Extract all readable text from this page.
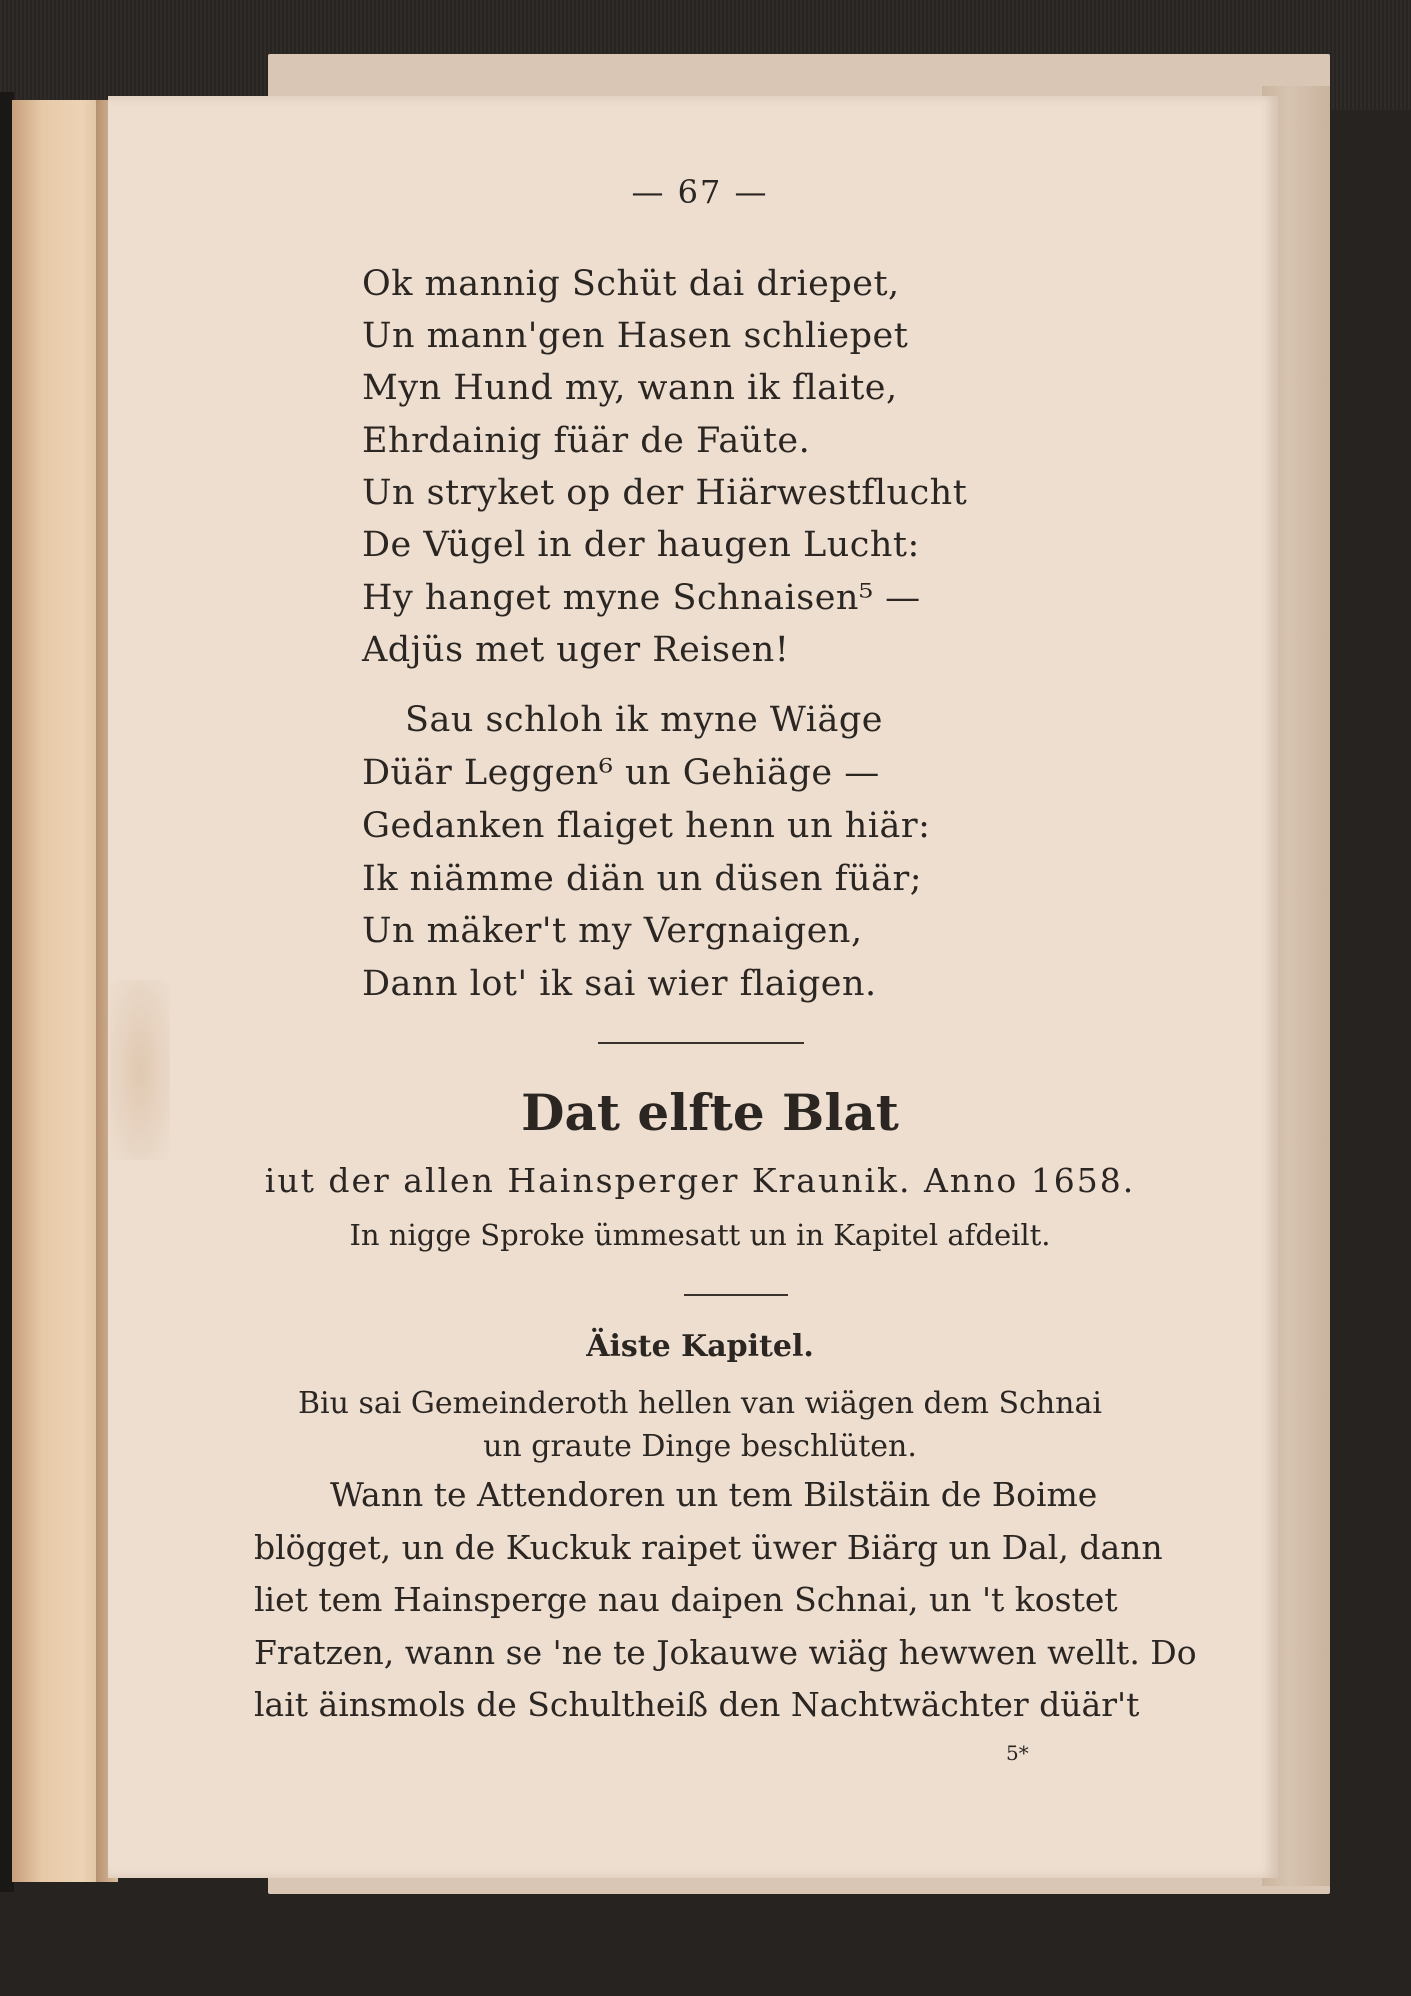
— 67 —
Ok mannig Schüt dai driepet,
Un mann'gen Hasen schliepet
Myn Hund my, wann ik flaite,
Ehrdainig füär de Faüte.
Un stryket op der Hiärwestflucht
De Vügel in der haugen Lucht:
Hy hanget myne Schnaisen⁵ —
Adjüs met uger Reisen!
Sau schloh ik myne Wiäge
Düär Leggen⁶ un Gehiäge —
Gedanken flaiget henn un hiär:
Ik niämme diän un düsen füär;
Un mäker't my Vergnaigen,
Dann lot' ik sai wier flaigen.
Dat elfte Blat
iut der allen Hainsperger Kraunik. Anno 1658.
In nigge Sproke ümmesatt un in Kapitel afdeilt.
Äiste Kapitel.
Biu sai Gemeinderoth hellen van wiägen dem Schnai
un graute Dinge beschlüten.
Wann te Attendoren un tem Bilstäin de Boime
blögget, un de Kuckuk raipet üwer Biärg un Dal, dann
liet tem Hainsperge nau daipen Schnai, un 't kostet
Fratzen, wann se 'ne te Jokauwe wiäg hewwen wellt. Do
lait äinsmols de Schultheiß den Nachtwächter düär't
5*
